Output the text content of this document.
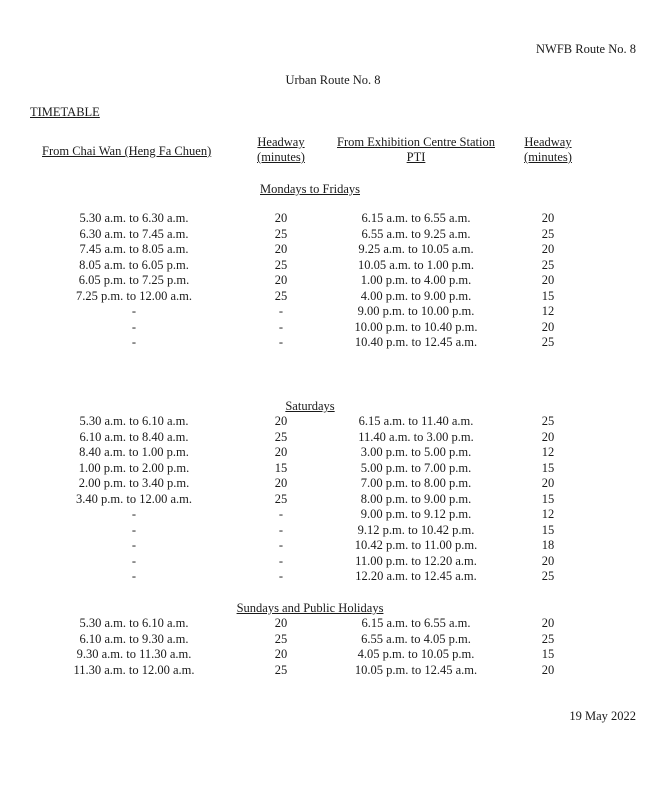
NWFB Route No. 8
Urban Route No. 8
TIMETABLE
From Chai Wan (Heng Fa Chuen)
Headway
(minutes)
From Exhibition Centre Station
PTI
Headway
(minutes)
Mondays to Fridays
5.30 a.m. to 6.30 a.m.	20	6.15 a.m. to 6.55 a.m.	20
6.30 a.m. to 7.45 a.m.	25	6.55 a.m. to 9.25 a.m.	25
7.45 a.m. to 8.05 a.m.	20	9.25 a.m. to 10.05 a.m.	20
8.05 a.m. to 6.05 p.m.	25	10.05 a.m. to 1.00 p.m.	25
6.05 p.m. to 7.25 p.m.	20	1.00 p.m. to 4.00 p.m.	20
7.25 p.m. to 12.00 a.m.	25	4.00 p.m. to 9.00 p.m.	15
-	-	9.00 p.m. to 10.00 p.m.	12
-	-	10.00 p.m. to 10.40 p.m.	20
-	-	10.40 p.m. to 12.45 a.m.	25
Saturdays
5.30 a.m. to 6.10 a.m.	20	6.15 a.m. to 11.40 a.m.	25
6.10 a.m. to 8.40 a.m.	25	11.40 a.m. to 3.00 p.m.	20
8.40 a.m. to 1.00 p.m.	20	3.00 p.m. to 5.00 p.m.	12
1.00 p.m. to 2.00 p.m.	15	5.00 p.m. to 7.00 p.m.	15
2.00 p.m. to 3.40 p.m.	20	7.00 p.m. to 8.00 p.m.	20
3.40 p.m. to 12.00 a.m.	25	8.00 p.m. to 9.00 p.m.	15
-	-	9.00 p.m. to 9.12 p.m.	12
-	-	9.12 p.m. to 10.42 p.m.	15
-	-	10.42 p.m. to 11.00 p.m.	18
-	-	11.00 p.m. to 12.20 a.m.	20
-	-	12.20 a.m. to 12.45 a.m.	25
Sundays and Public Holidays
5.30 a.m. to 6.10 a.m.	20	6.15 a.m. to 6.55 a.m.	20
6.10 a.m. to 9.30 a.m.	25	6.55 a.m. to 4.05 p.m.	25
9.30 a.m. to 11.30 a.m.	20	4.05 p.m. to 10.05 p.m.	15
11.30 a.m. to 12.00 a.m.	25	10.05 p.m. to 12.45 a.m.	20
19 May 2022
